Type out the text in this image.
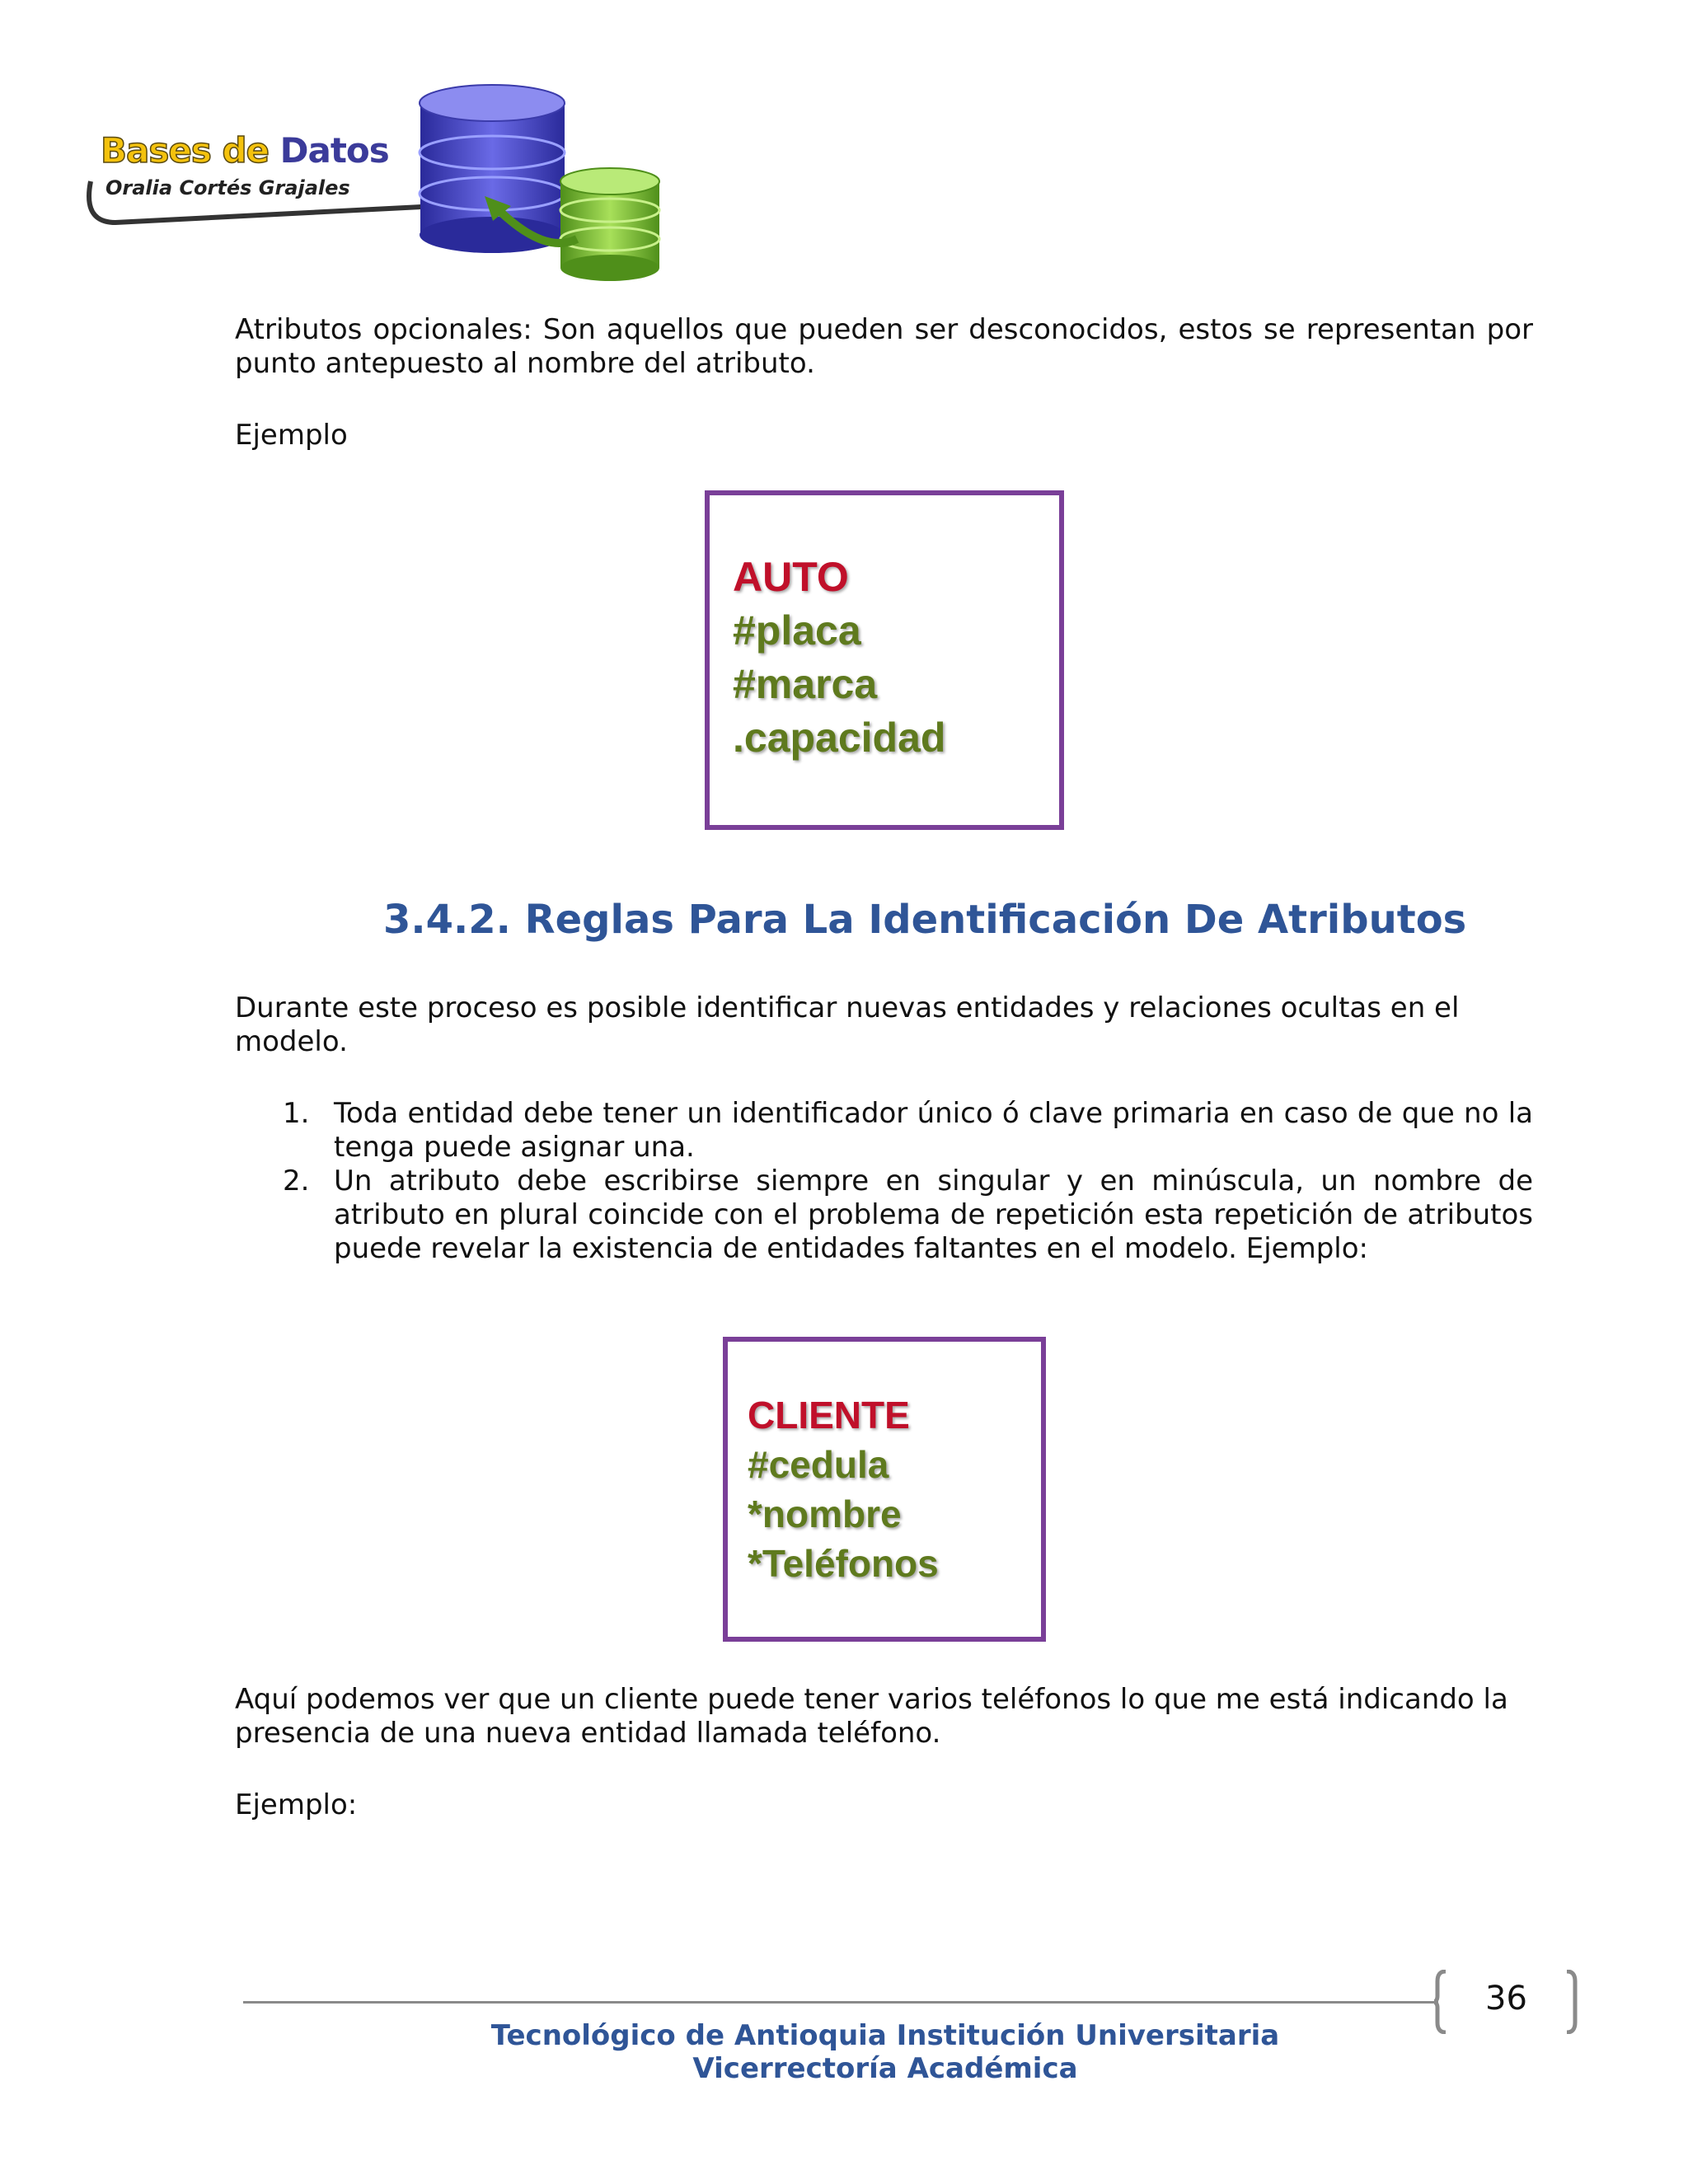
Bases de Datos
Oralia Cortés Grajales
Atributos opcionales: Son aquellos que pueden ser desconocidos, estos se representan por punto antepuesto al nombre del atributo.
Ejemplo
AUTO
#placa
#marca
.capacidad
3.4.2. Reglas Para La Identificación De Atributos
Durante este proceso es posible identificar nuevas entidades y relaciones ocultas en el modelo.
1. Toda entidad debe tener un identificador único ó clave primaria en caso de que no la tenga puede asignar una.
2. Un atributo debe escribirse siempre en singular y en minúscula, un nombre de atributo en plural coincide con el problema de repetición esta repetición de atributos puede revelar la existencia de entidades faltantes en el modelo. Ejemplo:
CLIENTE
#cedula
*nombre
*Teléfonos
Aquí podemos ver que un cliente puede tener varios teléfonos lo que me está indicando la presencia de una nueva entidad llamada teléfono.
Ejemplo:
36
Tecnológico de Antioquia Institución Universitaria
Vicerrectoría Académica
